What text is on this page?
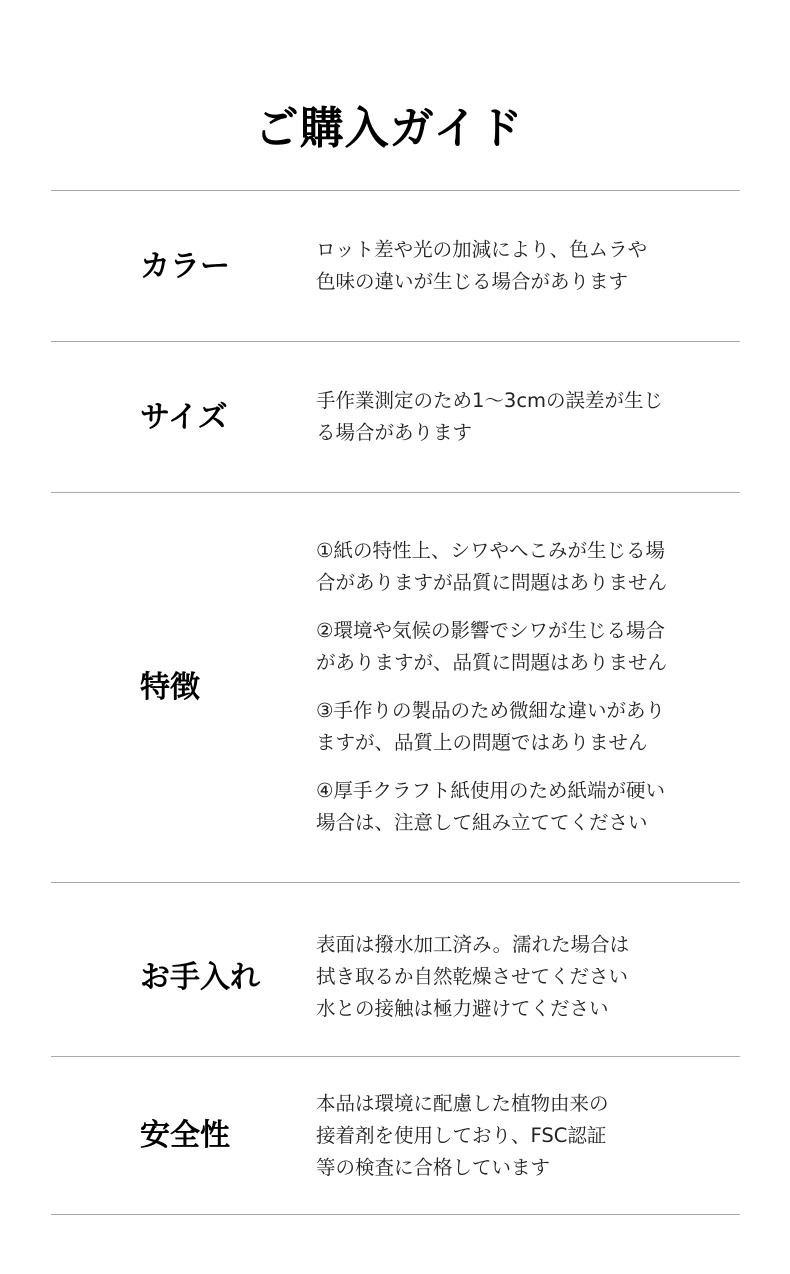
ご購入ガイド
カラー	ロット差や光の加減により、色ムラや
色味の違いが生じる場合があります

サイズ	手作業測定のため1〜3cmの誤差が生じ
る場合があります

特徴

①紙の特性上、シワやへこみが生じる場
合がありますが品質に問題はありません

②環境や気候の影響でシワが生じる場合
がありますが、品質に問題はありません

③手作りの製品のため微細な違いがあり
ますが、品質上の問題ではありません

④厚手クラフト紙使用のため紙端が硬い
場合は、注意して組み立ててください

お手入れ

表面は撥水加工済み。濡れた場合は
拭き取るか自然乾燥させてください
水との接触は極力避けてください

安全性

本品は環境に配慮した植物由来の
接着剤を使用しており、FSC認証
等の検査に合格しています
